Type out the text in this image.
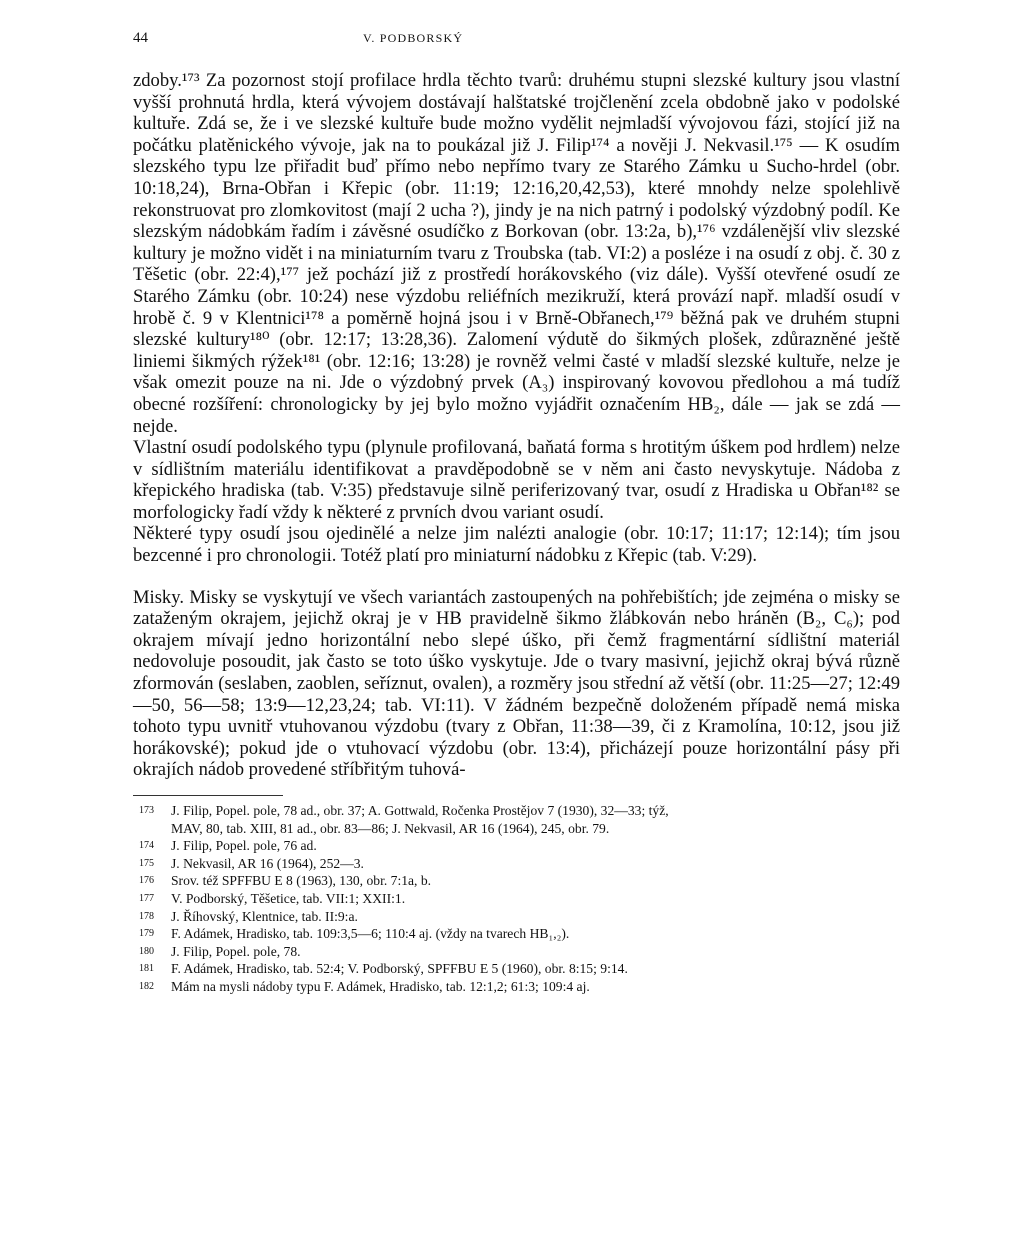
44	V. PODBORSKÝ

zdoby.¹⁷³ Za pozornost stojí profilace hrdla těchto tvarů: druhému stupni slezské kultury jsou vlastní vyšší prohnutá hrdla, která vývojem dostávají halštatské trojčlenění zcela obdobně jako v podolské kultuře. Zdá se, že i ve slezské kultuře bude možno vydělit nejmladší vývojovou fázi, stojící již na počátku platěnického vývoje, jak na to poukázal již J. Filip¹⁷⁴ a nověji J. Nekvasil.¹⁷⁵ — K osudím slezského typu lze přiřadit buď přímo nebo nepřímo tvary ze Starého Zámku u Sucho-hrdel (obr. 10:18,24), Brna-Obřan i Křepic (obr. 11:19; 12:16,20,42,53), které mnohdy nelze spolehlivě rekonstruovat pro zlomkovitost (mají 2 ucha ?), jindy je na nich patrný i podolský výzdobný podíl. Ke slezským nádobkám řadím i závěsné osudíčko z Borkovan (obr. 13:2a, b),¹⁷⁶ vzdálenější vliv slezské kultury je možno vidět i na miniaturním tvaru z Troubska (tab. VI:2) a posléze i na osudí z obj. č. 30 z Těšetic (obr. 22:4),¹⁷⁷ jež pochází již z prostředí horákovského (viz dále). Vyšší otevřené osudí ze Starého Zámku (obr. 10:24) nese výzdobu reliéfních mezikruží, která provází např. mladší osudí v hrobě č. 9 v Klentnici¹⁷⁸ a poměrně hojná jsou i v Brně-Obřanech,¹⁷⁹ běžná pak ve druhém stupni slezské kultury¹⁸⁰ (obr. 12:17; 13:28,36). Zalomení výdutě do šikmých plošek, zdůrazněné ještě liniemi šikmých rýžek¹⁸¹ (obr. 12:16; 13:28) je rovněž velmi časté v mladší slezské kultuře, nelze je však omezit pouze na ni. Jde o výzdobný prvek (A₃) inspirovaný kovovou předlohou a má tudíž obecné rozšíření: chronologicky by jej bylo možno vyjádřit označením HB₂, dále — jak se zdá — nejde.

Vlastní osudí podolského typu (plynule profilovaná, baňatá forma s hrotitým úškem pod hrdlem) nelze v sídlištním materiálu identifikovat a pravděpodobně se v něm ani často nevyskytuje. Nádoba z křepického hradiska (tab. V:35) představuje silně periferizovaný tvar, osudí z Hradiska u Obřan¹⁸² se morfologicky řadí vždy k některé z prvních dvou variant osudí.

Některé typy osudí jsou ojedinělé a nelze jim nalézti analogie (obr. 10:17; 11:17; 12:14); tím jsou bezcenné i pro chronologii. Totéž platí pro miniaturní nádobku z Křepic (tab. V:29).

Misky. Misky se vyskytují ve všech variantách zastoupených na pohřebištích; jde zejména o misky se zataženým okrajem, jejichž okraj je v HB pravidelně šikmo žlábkován nebo hráněn (B₂, C₆); pod okrajem mívají jedno horizontální nebo slepé úško, při čemž fragmentární sídlištní materiál nedovoluje posoudit, jak často se toto úško vyskytuje. Jde o tvary masivní, jejichž okraj bývá různě zformován (seslaben, zaoblen, seříznut, ovalen), a rozměry jsou střední až větší (obr. 11:25—27; 12:49—50, 56—58; 13:9—12,23,24; tab. VI:11). V žádném bezpečně doloženém případě nemá miska tohoto typu uvnitř vtuhovanou výzdobu (tvary z Obřan, 11:38—39, či z Kramolína, 10:12, jsou již horákovské); pokud jde o vtuhovací výzdobu (obr. 13:4), přicházejí pouze horizontální pásy při okrajích nádob provedené stříbřitým tuhová-

173	J. Filip, Popel. pole, 78 ad., obr. 37; A. Gottwald, Ročenka Prostějov 7 (1930), 32—33; týž,
MAV, 80, tab. XIII, 81 ad., obr. 83—86; J. Nekvasil, AR 16 (1964), 245, obr. 79.
174	J. Filip, Popel. pole, 76 ad.
175	J. Nekvasil, AR 16 (1964), 252—3.
176	Srov. též SPFFBU E 8 (1963), 130, obr. 7:1a, b.
177	V. Podborský, Těšetice, tab. VII:1; XXII:1.
178	J. Říhovský, Klentnice, tab. II:9:a.
179	F. Adámek, Hradisko, tab. 109:3,5—6; 110:4 aj. (vždy na tvarech HB₁,₂).
180	J. Filip, Popel. pole, 78.
181	F. Adámek, Hradisko, tab. 52:4; V. Podborský, SPFFBU E 5 (1960), obr. 8:15; 9:14.
182	Mám na mysli nádoby typu F. Adámek, Hradisko, tab. 12:1,2; 61:3; 109:4 aj.
